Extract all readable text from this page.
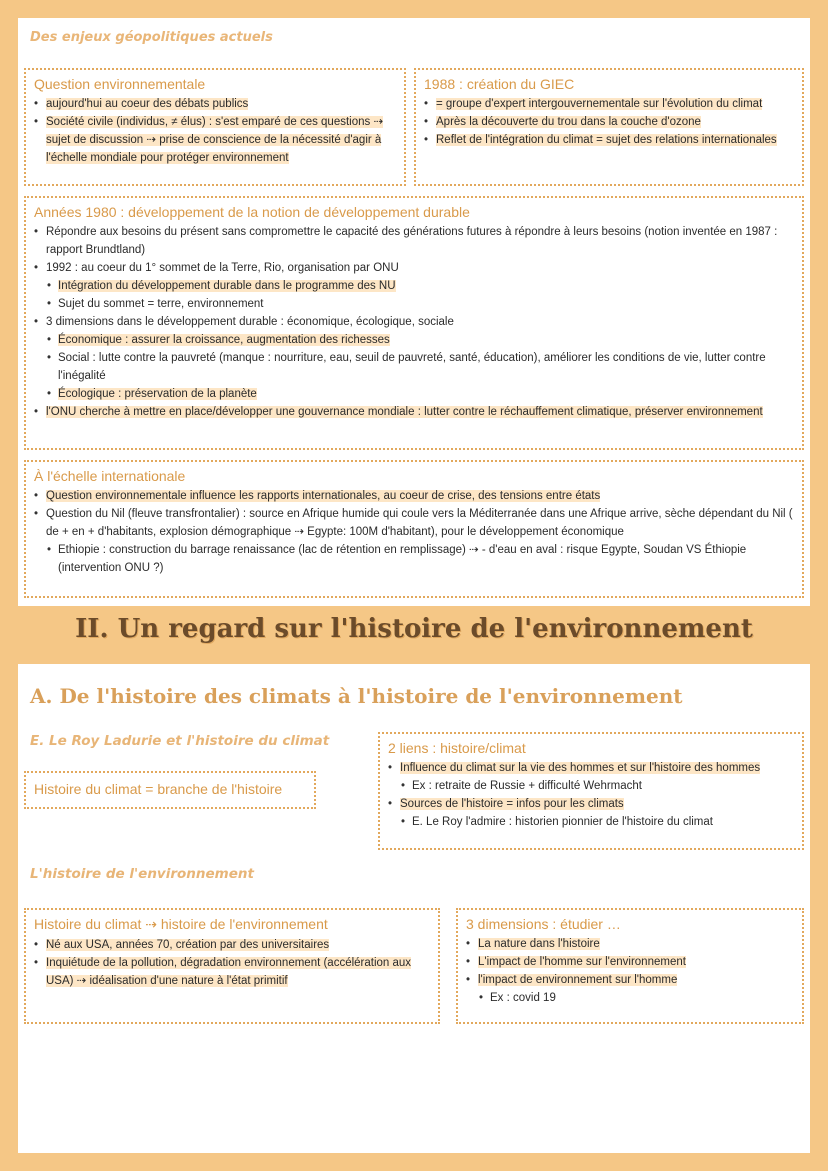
Des enjeux géopolitiques actuels
Question environnementale
• aujourd'hui au coeur des débats publics
• Société civile (individus, ≠ élus) : s'est emparé de ces questions ⇢ sujet de discussion ⇢ prise de conscience de la nécessité d'agir à l'échelle mondiale pour protéger environnement
1988 : création du GIEC
• = groupe d'expert intergouvernementale sur l'évolution du climat
• Après la découverte du trou dans la couche d'ozone
• Reflet de l'intégration du climat = sujet des relations internationales
Années 1980 : développement de la notion de développement durable
• Répondre aux besoins du présent sans compromettre le capacité des générations futures à répondre à leurs besoins (notion inventée en 1987 : rapport Brundtland)
• 1992 : au coeur du 1° sommet de la Terre, Rio, organisation par ONU
• Intégration du développement durable dans le programme des NU
• Sujet du sommet = terre, environnement
• 3 dimensions dans le développement durable : économique, écologique, sociale
• Économique : assurer la croissance, augmentation des richesses
• Social : lutte contre la pauvreté (manque : nourriture, eau, seuil de pauvreté, santé, éducation), améliorer les conditions de vie, lutter contre l'inégalité
• Écologique : préservation de la planète
• l'ONU cherche à mettre en place/développer une gouvernance mondiale : lutter contre le réchauffement climatique, préserver environnement
À l'échelle internationale
• Question environnementale influence les rapports internationales, au coeur de crise, des tensions entre états
• Question du Nil (fleuve transfrontalier) : source en Afrique humide qui coule vers la Méditerranée dans une Afrique arrive, sèche dépendant du Nil ( de + en + d'habitants, explosion démographique ⇢ Egypte: 100M d'habitant), pour le développement économique
• Ethiopie : construction du barrage renaissance (lac de rétention en remplissage) ⇢ - d'eau en aval : risque Egypte, Soudan VS Éthiopie (intervention ONU ?)
II. Un regard sur l'histoire de l'environnement
A. De l'histoire des climats à l'histoire de l'environnement
E. Le Roy Ladurie et l'histoire du climat
Histoire du climat = branche de l'histoire
2 liens : histoire/climat
• Influence du climat sur la vie des hommes et sur l'histoire des hommes
• Ex : retraite de Russie + difficulté Wehrmacht
• Sources de l'histoire = infos pour les climats
• E. Le Roy l'admire : historien pionnier de l'histoire du climat
L'histoire de l'environnement
Histoire du climat ⇢ histoire de l'environnement
• Né aux USA, années 70, création par des universitaires
• Inquiétude de la pollution, dégradation environnement (accélération aux USA) ⇢ idéalisation d'une nature à l'état primitif
3 dimensions : étudier …
• La nature dans l'histoire
• L'impact de l'homme sur l'environnement
• l'impact de environnement sur l'homme
• Ex : covid 19
